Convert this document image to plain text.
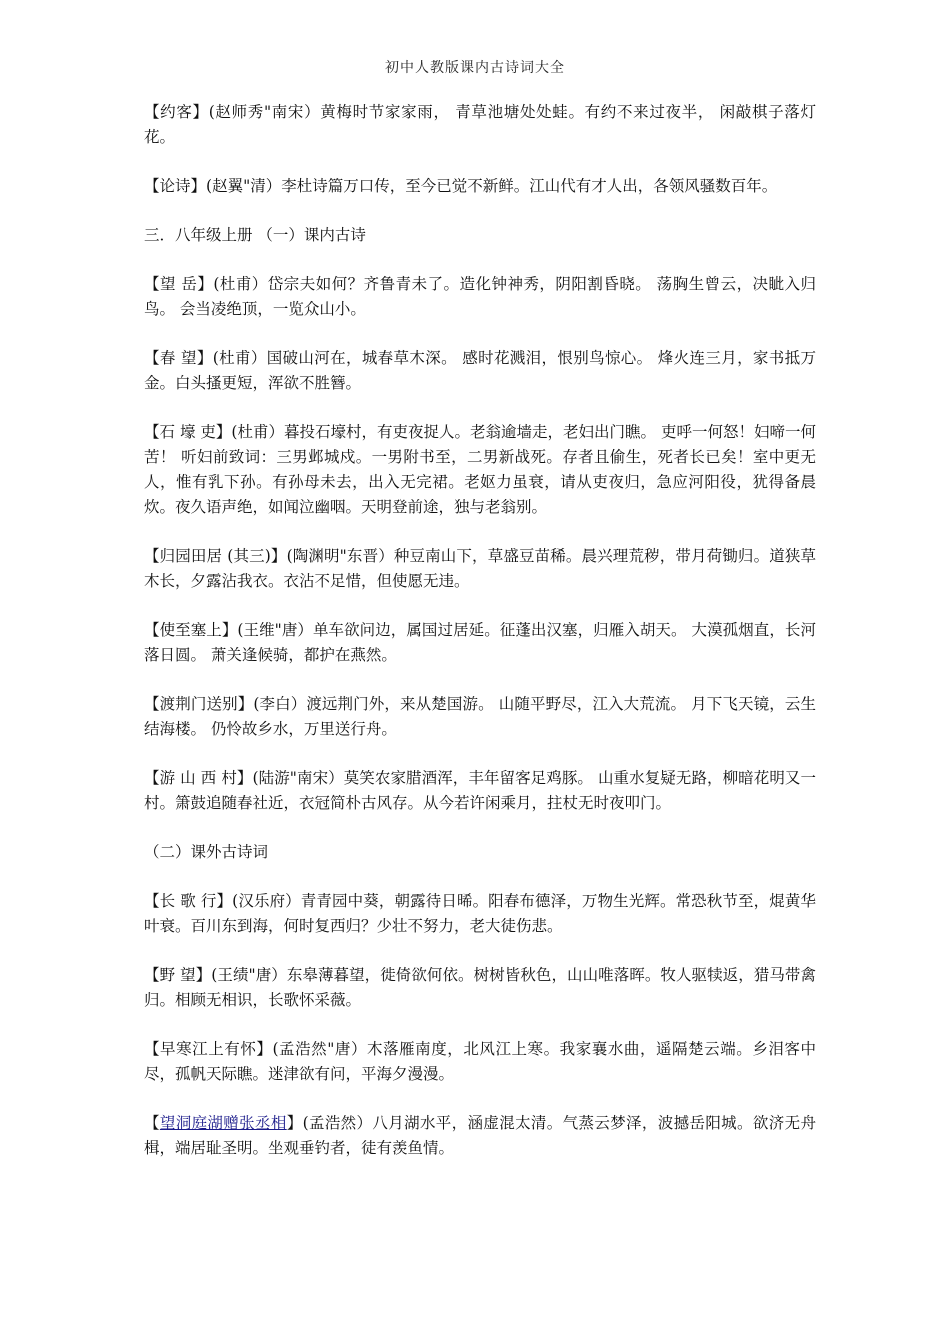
初中人教版课内古诗词大全

【约客】(赵师秀"南宋）黄梅时节家家雨， 青草池塘处处蛙。有约不来过夜半， 闲敲棋子落灯花。

【论诗】(赵翼"清）李杜诗篇万口传，至今已觉不新鲜。江山代有才人出，各领风骚数百年。

三．八年级上册 （一）课内古诗

【望 岳】(杜甫）岱宗夫如何？齐鲁青未了。造化钟神秀，阴阳割昏晓。 荡胸生曾云，决眦入归鸟。 会当凌绝顶，一览众山小。

【春 望】(杜甫）国破山河在，城春草木深。 感时花溅泪，恨别鸟惊心。 烽火连三月，家书抵万金。白头搔更短，浑欲不胜簪。

【石 壕 吏】(杜甫）暮投石壕村，有吏夜捉人。老翁逾墙走，老妇出门瞧。 吏呼一何怒！妇啼一何苦！ 听妇前致词：三男邺城戍。一男附书至，二男新战死。存者且偷生，死者长已矣！室中更无人，惟有乳下孙。有孙母未去，出入无完裙。老妪力虽衰，请从吏夜归，急应河阳役，犹得备晨炊。夜久语声绝，如闻泣幽咽。天明登前途，独与老翁别。

【归园田居 (其三)】(陶渊明"东晋）种豆南山下，草盛豆苗稀。晨兴理荒秽，带月荷锄归。道狭草木长，夕露沾我衣。衣沾不足惜，但使愿无违。

【使至塞上】(王维"唐）单车欲问边，属国过居延。征蓬出汉塞，归雁入胡天。 大漠孤烟直，长河落日圆。 萧关逢候骑，都护在燕然。

【渡荆门送别】(李白）渡远荆门外，来从楚国游。 山随平野尽，江入大荒流。 月下飞天镜，云生结海楼。 仍怜故乡水，万里送行舟。

【游 山 西 村】(陆游"南宋）莫笑农家腊酒浑，丰年留客足鸡豚。 山重水复疑无路，柳暗花明又一村。箫鼓追随春社近，衣冠简朴古风存。从今若许闲乘月，拄杖无时夜叩门。

（二）课外古诗词

【长 歌 行】(汉乐府）青青园中葵，朝露待日晞。阳春布德泽，万物生光辉。常恐秋节至，焜黄华叶衰。百川东到海，何时复西归？少壮不努力，老大徒伤悲。

【野 望】(王绩"唐）东皋薄暮望，徙倚欲何依。树树皆秋色，山山唯落晖。牧人驱犊返，猎马带禽归。相顾无相识，长歌怀采薇。

【早寒江上有怀】(孟浩然"唐）木落雁南度，北风江上寒。我家襄水曲，遥隔楚云端。乡泪客中尽，孤帆天际瞧。迷津欲有问，平海夕漫漫。

【望洞庭湖赠张丞相】(孟浩然）八月湖水平，涵虚混太清。气蒸云梦泽，波撼岳阳城。欲济无舟楫，端居耻圣明。坐观垂钓者，徒有羡鱼情。
